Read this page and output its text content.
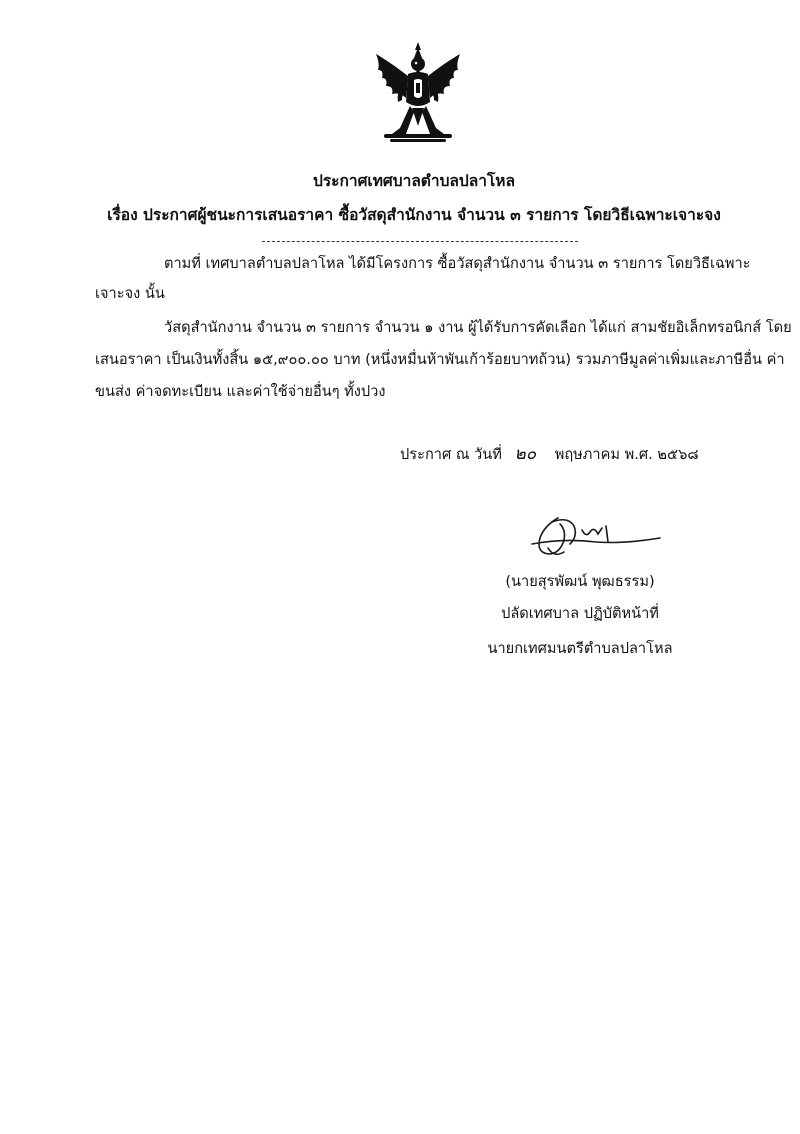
ประกาศเทศบาลตำบลปลาโหล
เรื่อง ประกาศผู้ชนะการเสนอราคา ซื้อวัสดุสำนักงาน จำนวน ๓ รายการ โดยวิธีเฉพาะเจาะจง
ตามที่ เทศบาลตำบลปลาโหล ได้มีโครงการ ซื้อวัสดุสำนักงาน จำนวน ๓ รายการ โดยวิธีเฉพาะ
เจาะจง นั้น
วัสดุสำนักงาน จำนวน ๓ รายการ จำนวน ๑ งาน ผู้ได้รับการคัดเลือก ได้แก่ สามชัยอิเล็กทรอนิกส์ โดย
เสนอราคา เป็นเงินทั้งสิ้น ๑๕,๙๐๐.๐๐ บาท (หนึ่งหมื่นห้าพันเก้าร้อยบาทถ้วน) รวมภาษีมูลค่าเพิ่มและภาษีอื่น ค่า
ขนส่ง ค่าจดทะเบียน และค่าใช้จ่ายอื่นๆ ทั้งปวง
ประกาศ ณ วันที่ ๒๐ พฤษภาคม พ.ศ. ๒๕๖๘
(นายสุรพัฒน์ พุฒธรรม)
ปลัดเทศบาล ปฏิบัติหน้าที่
นายกเทศมนตรีตำบลปลาโหล
